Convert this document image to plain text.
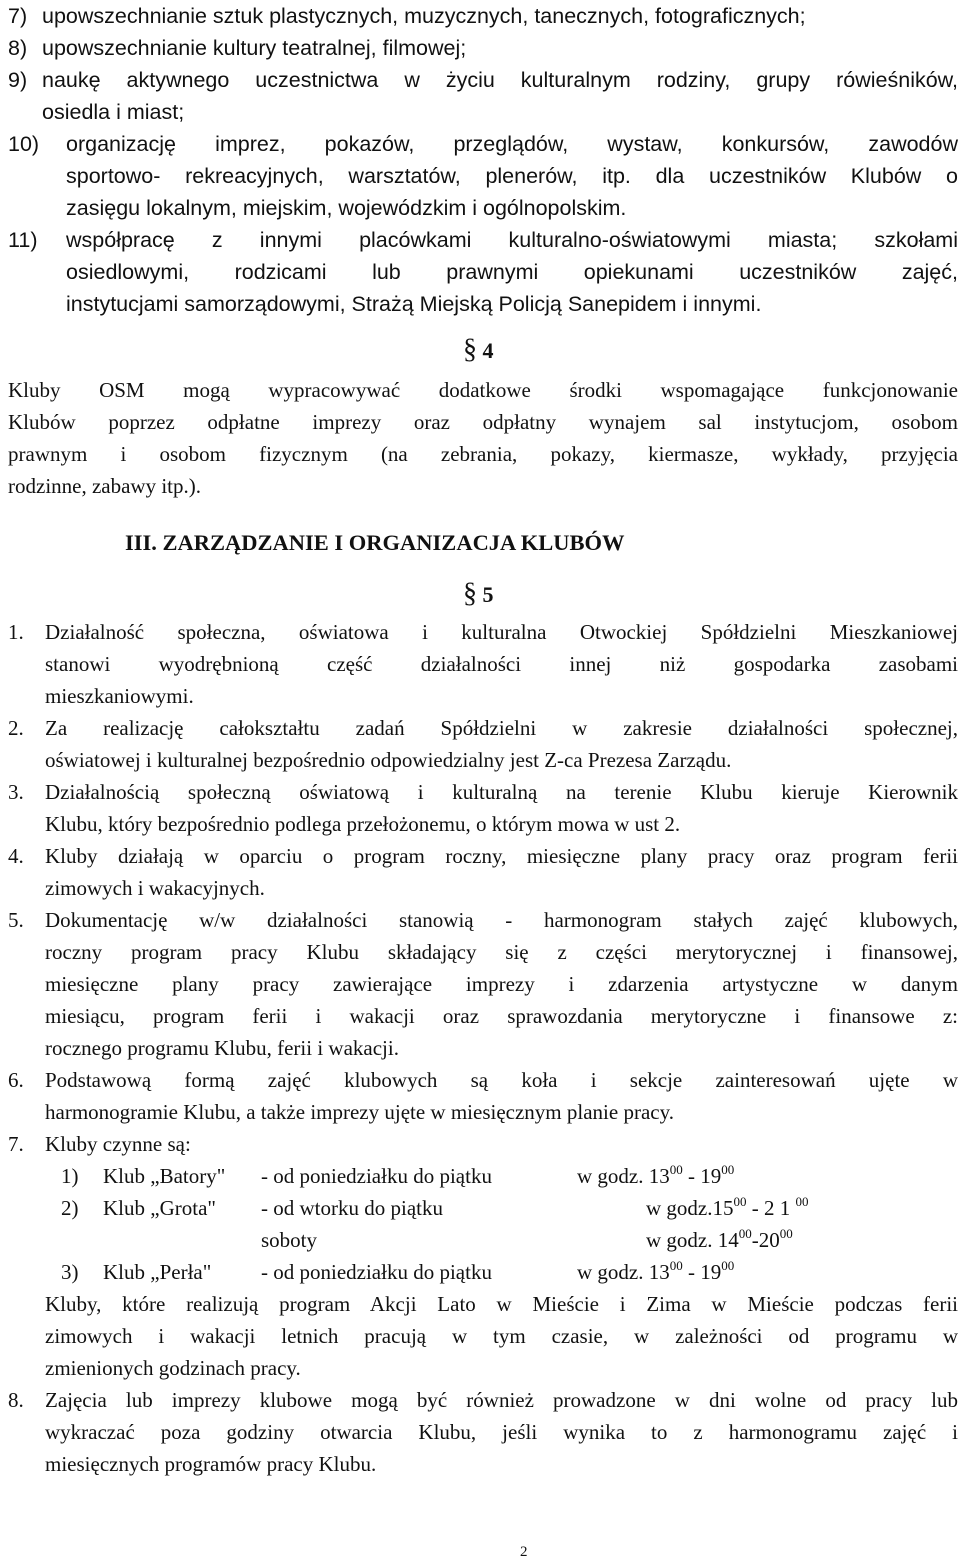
7) upowszechnianie sztuk plastycznych, muzycznych, tanecznych, fotograficznych;
8) upowszechnianie kultury teatralnej, filmowej;
9) naukę aktywnego uczestnictwa w życiu kulturalnym rodziny, grupy rówieśników,
osiedla i miast;
10)	organizację imprez, pokazów, przeglądów, wystaw, konkursów, zawodów
sportowo- rekreacyjnych, warsztatów, plenerów, itp. dla uczestników Klubów o
zasięgu lokalnym, miejskim, wojewódzkim i ogólnopolskim.
11)	współpracę z innymi placówkami kulturalno-oświatowymi miasta; szkołami
osiedlowymi, rodzicami lub prawnymi opiekunami uczestników zajęć,
instytucjami samorządowymi, Strażą Miejską Policją Sanepidem i innymi.
§ 4
Kluby OSM mogą wypracowywać dodatkowe środki wspomagające funkcjonowanie
Klubów poprzez odpłatne imprezy oraz odpłatny wynajem sal instytucjom, osobom
prawnym i osobom fizycznym (na zebrania, pokazy, kiermasze, wykłady, przyjęcia
rodzinne, zabawy itp.).
III. ZARZĄDZANIE I ORGANIZACJA KLUBÓW
§ 5
1.	Działalność społeczna, oświatowa i kulturalna Otwockiej Spółdzielni Mieszkaniowej
stanowi wyodrębnioną część działalności innej niż gospodarka zasobami
mieszkaniowymi.
2.	Za realizację całokształtu zadań Spółdzielni w zakresie działalności społecznej,
oświatowej i kulturalnej bezpośrednio odpowiedzialny jest Z-ca Prezesa Zarządu.
3.	Działalnością społeczną oświatową i kulturalną na terenie Klubu kieruje Kierownik
Klubu, który bezpośrednio podlega przełożonemu, o którym mowa w ust 2.
4.	Kluby działają w oparciu o program roczny, miesięczne plany pracy oraz program ferii
zimowych i wakacyjnych.
5.	Dokumentację w/w działalności stanowią - harmonogram stałych zajęć klubowych,
roczny program pracy Klubu składający się z części merytorycznej i finansowej,
miesięczne plany pracy zawierające imprezy i zdarzenia artystyczne w danym
miesiącu, program ferii i wakacji oraz sprawozdania merytoryczne i finansowe z:
rocznego programu Klubu, ferii i wakacji.
6.	Podstawową formą zajęć klubowych są koła i sekcje zainteresowań ujęte w
harmonogramie Klubu, a także imprezy ujęte w miesięcznym planie pracy.
7.	Kluby czynne są:
1)	Klub „Batory"	- od poniedziałku do piątku	w godz. $13^{00} - 19^{00}$
2)	Klub „Grota"	- od wtorku do piątku	w $godz.15^{00} - 2$ 1 $^{00}$
soboty	w godz. $14^{00}-20^{00}$
3)	Klub „Perła"	- od poniedziałku do piątku	w godz. $13^{00} - 19^{00}$
Kluby, które realizują program Akcji Lato w Mieście i Zima w Mieście podczas ferii
zimowych i wakacji letnich pracują w tym czasie, w zależności od programu w
zmienionych godzinach pracy.
8.	Zajęcia lub imprezy klubowe mogą być również prowadzone w dni wolne od pracy lub
wykraczać poza godziny otwarcia Klubu, jeśli wynika to z harmonogramu zajęć i
miesięcznych programów pracy Klubu.
2
